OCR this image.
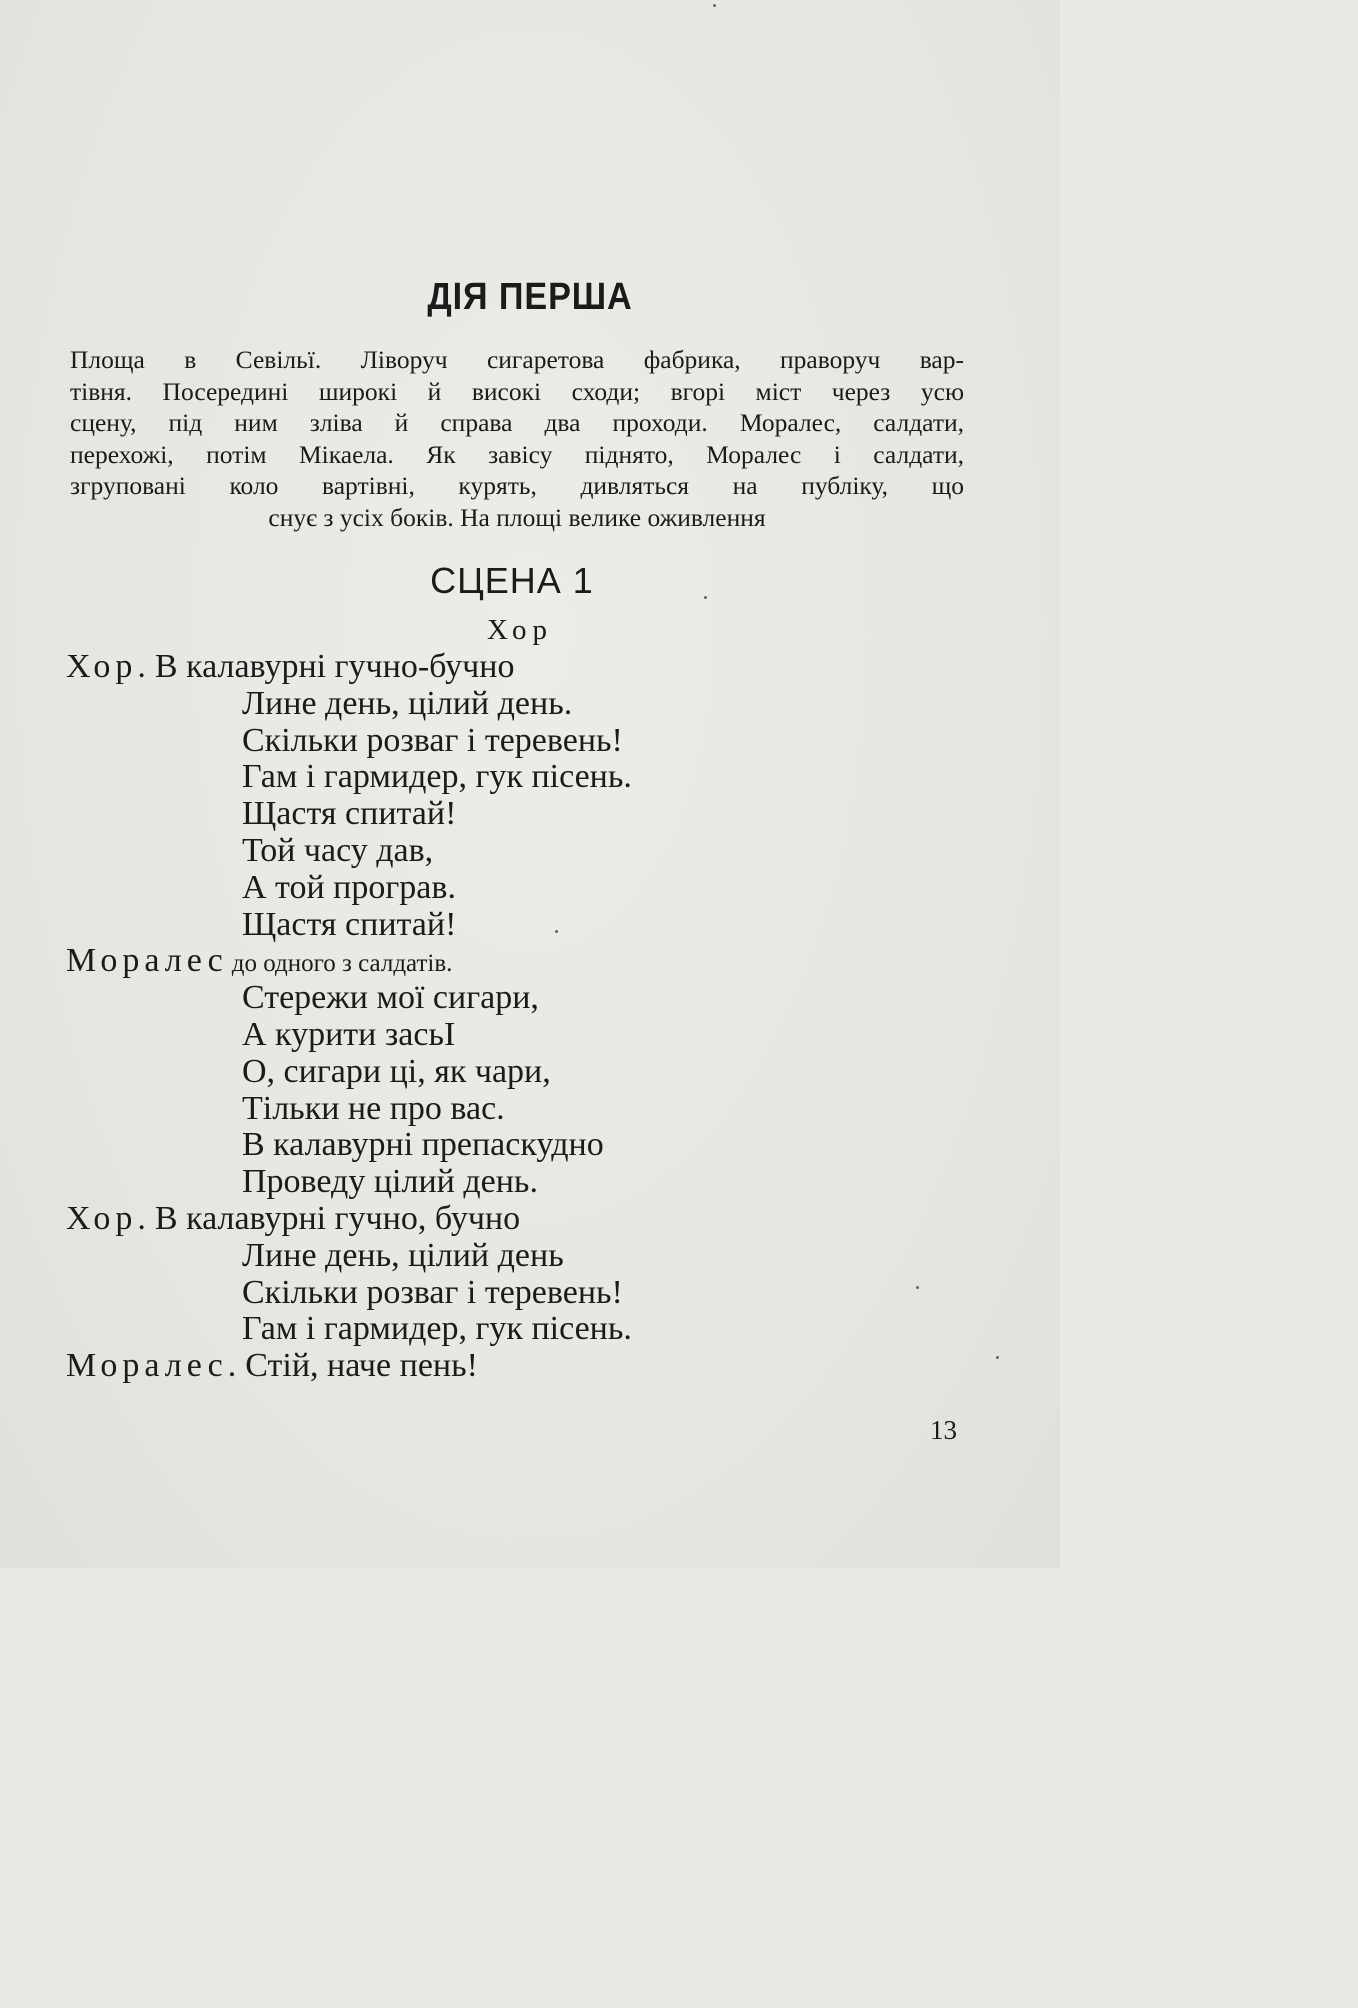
ДІЯ ПЕРША
Площа в Севільї. Ліворуч сигаретова фабрика, праворуч вар-
тівня. Посередині широкі й високі сходи; вгорі міст через усю
сцену, під ним зліва й справа два проходи. Моралес, салдати,
перехожі, потім Мікаела. Як завісу піднято, Моралес і салдати,
згруповані коло вартівні, курять, дивляться на публіку, що
снує з усіх боків. На площі велике оживлення
СЦЕНА 1
Хор
Хор. В калавурні гучно-бучно
Лине день, цілий день.
Скільки розваг і теревень!
Гам і гармидер, гук пісень.
Щастя спитай!
Той часу дав,
А той програв.
Щастя спитай!
Моралес до одного з салдатів.
Стережи мої сигари,
А курити засьІ
О, сигари ці, як чари,
Тільки не про вас.
В калавурні препаскудно
Проведу цілий день.
Хор. В калавурні гучно, бучно
Лине день, цілий день
Скільки розваг і теревень!
Гам і гармидер, гук пісень.
Моралес. Стій, наче пень!
13
